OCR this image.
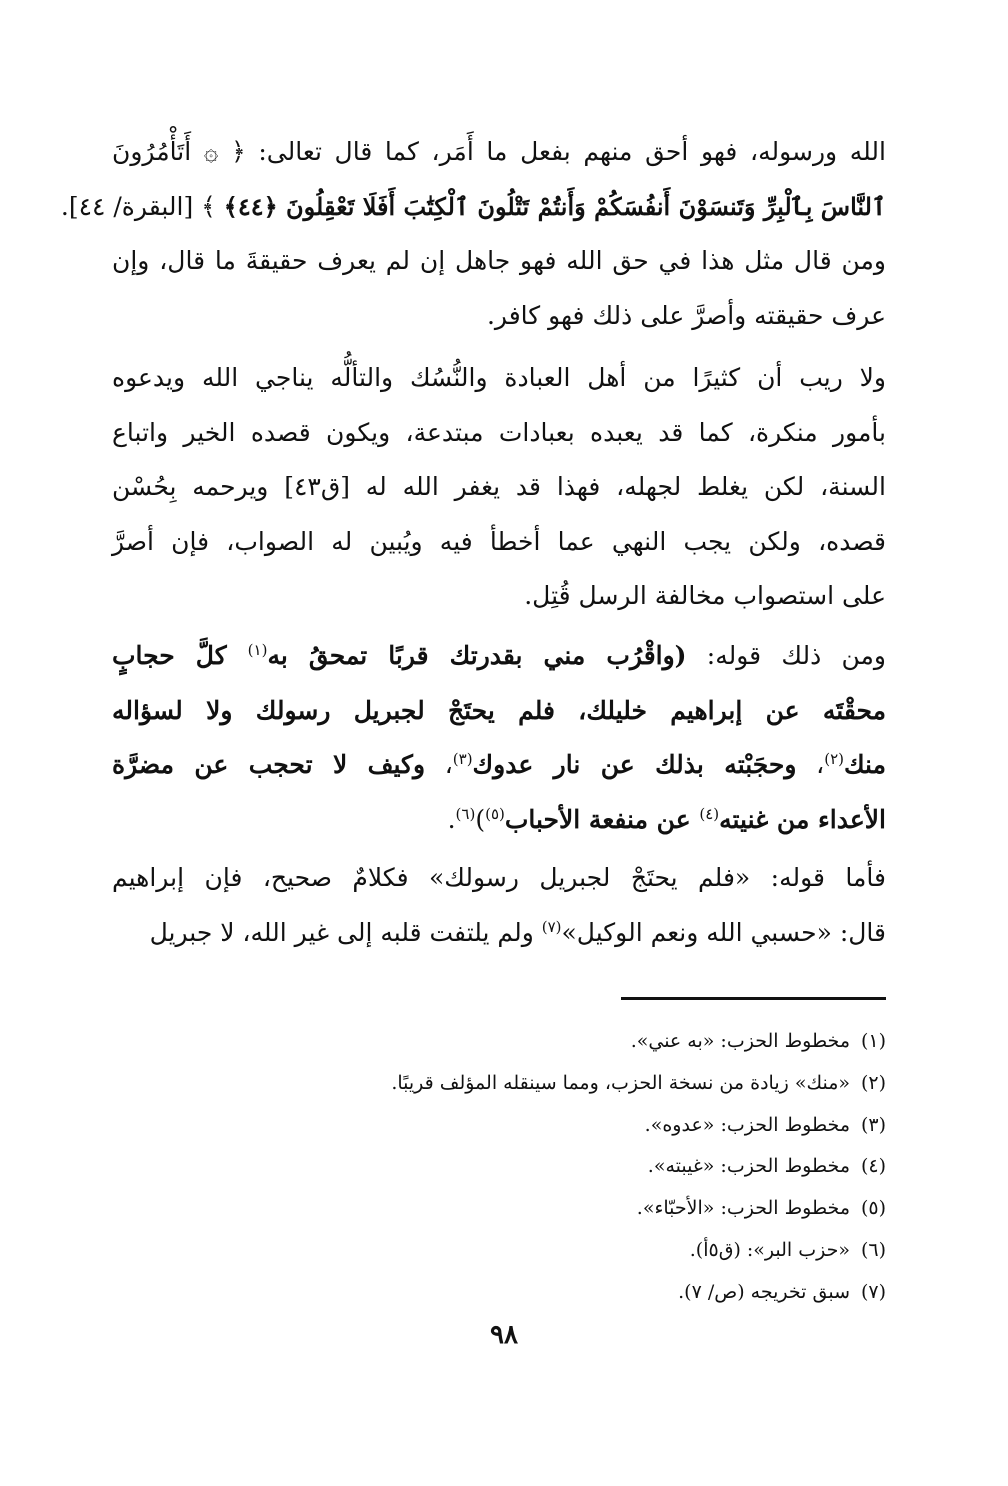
الله ورسوله، فهو أحق منهم بفعل ما أَمَر، كما قال تعالى: ﴿ ۞ أَتَأْمُرُونَ
ٱلنَّاسَ بِٱلْبِرِّ وَتَنسَوْنَ أَنفُسَكُمْ وَأَنتُمْ تَتْلُونَ ٱلْكِتَٰبَ أَفَلَا تَعْقِلُونَ ﴿٤٤﴾ ﴾ [البقرة/ ٤٤].
ومن قال مثل هذا في حق الله فهو جاهل إن لم يعرف حقيقةَ ما قال، وإن
عرف حقيقته وأصرَّ على ذلك فهو كافر.
ولا ريب أن كثيرًا من أهل العبادة والنُّسُك والتألُّه يناجي الله ويدعوه
بأمور منكرة، كما قد يعبده بعبادات مبتدعة، ويكون قصده الخير واتباع
السنة، لكن يغلط لجهله، فهذا قد يغفر الله له [ق٤٣] ويرحمه بِحُسْن
قصده، ولكن يجب النهي عما أخطأ فيه ويُبين له الصواب، فإن أصرَّ
على استصواب مخالفة الرسل قُتِل.
ومن ذلك قوله: (واقْرُب مني بقدرتك قربًا تمحقُ به$^{(١)}$ كلَّ حجابٍ
محقْتَه عن إبراهيم خليلك، فلم يحتَجْ لجبريل رسولك ولا لسؤاله
منك$^{(٢)}$، وحجَبْته بذلك عن نار عدوك$^{(٣)}$، وكيف لا تحجب عن مضرَّة
الأعداء من غنيته$^{(٤)}$ عن منفعة الأحباب$^{(٥)}$)$^{(٦)}$.
فأما قوله: «فلم يحتَجْ لجبريل رسولك» فكلامٌ صحيح، فإن إبراهيم
قال: «حسبي الله ونعم الوكيل»$^{(٧)}$ ولم يلتفت قلبه إلى غير الله، لا جبريل
(١)مخطوط الحزب: «به عني».
(٢)«منك» زيادة من نسخة الحزب، ومما سينقله المؤلف قريبًا.
(٣)مخطوط الحزب: «عدوه».
(٤)مخطوط الحزب: «غيبته».
(٥)مخطوط الحزب: «الأحبّاء».
(٦)«حزب البر»: (ق٥أ).
(٧)سبق تخريجه (ص/ ٧).
٩٨
